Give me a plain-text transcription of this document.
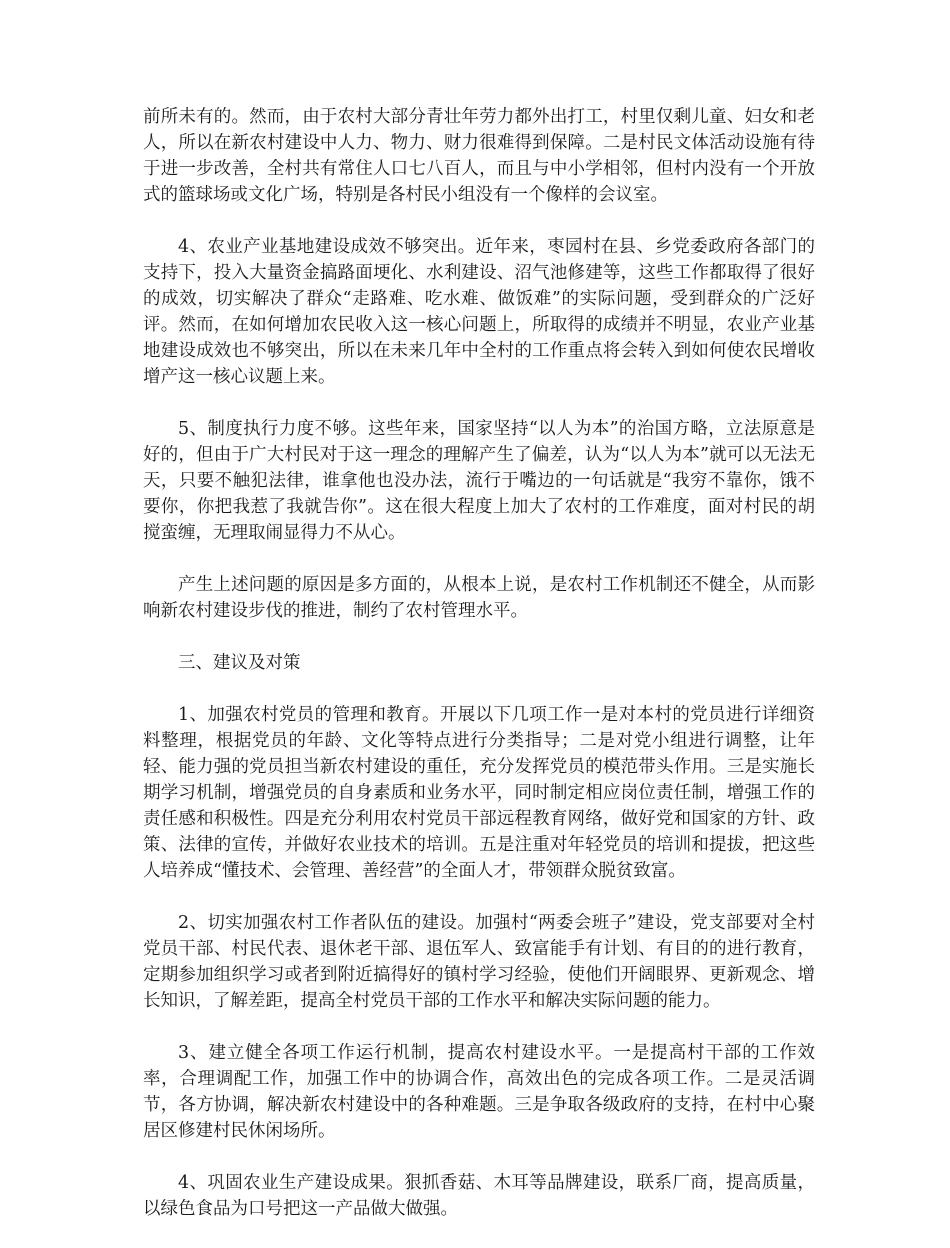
前所未有的。然而，由于农村大部分青壮年劳力都外出打工，村里仅剩儿童、妇女和老人，所以在新农村建设中人力、物力、财力很难得到保障。二是村民文体活动设施有待于进一步改善，全村共有常住人口七八百人，而且与中小学相邻，但村内没有一个开放式的篮球场或文化广场，特别是各村民小组没有一个像样的会议室。

4、农业产业基地建设成效不够突出。近年来，枣园村在县、乡党委政府各部门的支持下，投入大量资金搞路面埂化、水利建设、沼气池修建等，这些工作都取得了很好的成效，切实解决了群众“走路难、吃水难、做饭难”的实际问题，受到群众的广泛好评。然而，在如何增加农民收入这一核心问题上，所取得的成绩并不明显，农业产业基地建设成效也不够突出，所以在未来几年中全村的工作重点将会转入到如何使农民增收增产这一核心议题上来。

5、制度执行力度不够。这些年来，国家坚持“以人为本”的治国方略，立法原意是好的，但由于广大村民对于这一理念的理解产生了偏差，认为“以人为本”就可以无法无天，只要不触犯法律，谁拿他也没办法，流行于嘴边的一句话就是“我穷不靠你，饿不要你，你把我惹了我就告你”。这在很大程度上加大了农村的工作难度，面对村民的胡搅蛮缠，无理取闹显得力不从心。

产生上述问题的原因是多方面的，从根本上说，是农村工作机制还不健全，从而影响新农村建设步伐的推进，制约了农村管理水平。

三、建议及对策

1、加强农村党员的管理和教育。开展以下几项工作一是对本村的党员进行详细资料整理，根据党员的年龄、文化等特点进行分类指导；二是对党小组进行调整，让年轻、能力强的党员担当新农村建设的重任，充分发挥党员的模范带头作用。三是实施长期学习机制，增强党员的自身素质和业务水平，同时制定相应岗位责任制，增强工作的责任感和积极性。四是充分利用农村党员干部远程教育网络，做好党和国家的方针、政策、法律的宣传，并做好农业技术的培训。五是注重对年轻党员的培训和提拔，把这些人培养成“懂技术、会管理、善经营”的全面人才，带领群众脱贫致富。

2、切实加强农村工作者队伍的建设。加强村“两委会班子”建设，党支部要对全村党员干部、村民代表、退休老干部、退伍军人、致富能手有计划、有目的的进行教育，定期参加组织学习或者到附近搞得好的镇村学习经验，使他们开阔眼界、更新观念、增长知识，了解差距，提高全村党员干部的工作水平和解决实际问题的能力。

3、建立健全各项工作运行机制，提高农村建设水平。一是提高村干部的工作效率，合理调配工作，加强工作中的协调合作，高效出色的完成各项工作。二是灵活调节，各方协调，解决新农村建设中的各种难题。三是争取各级政府的支持，在村中心聚居区修建村民休闲场所。

4、巩固农业生产建设成果。狠抓香菇、木耳等品牌建设，联系厂商，提高质量，以绿色食品为口号把这一产品做大做强。
